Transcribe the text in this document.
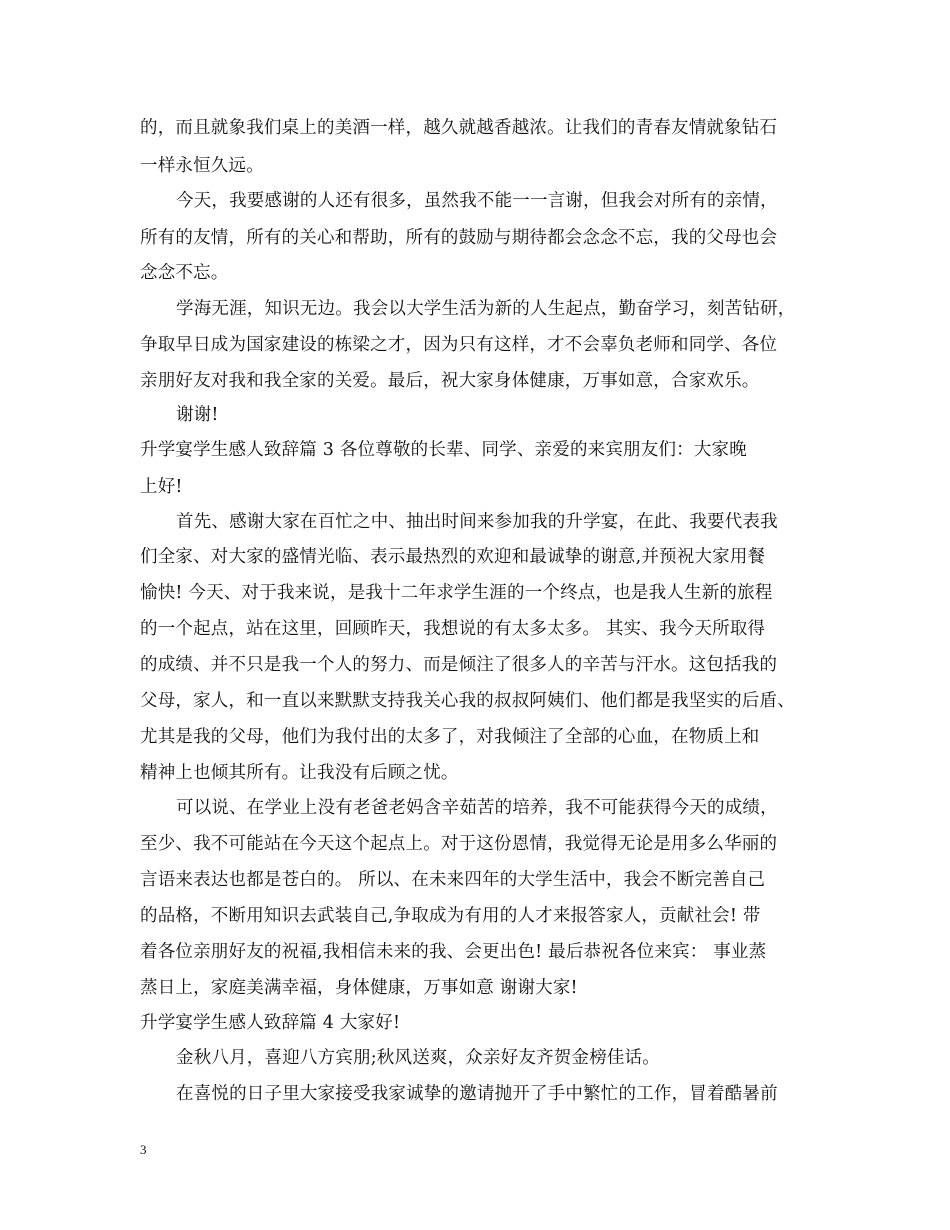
的，而且就象我们桌上的美酒一样，越久就越香越浓。让我们的青春友情就象钻石
一样永恒久远。
今天，我要感谢的人还有很多，虽然我不能一一言谢，但我会对所有的亲情，
所有的友情，所有的关心和帮助，所有的鼓励与期待都会念念不忘，我的父母也会
念念不忘。
学海无涯，知识无边。我会以大学生活为新的人生起点，勤奋学习，刻苦钻研，
争取早日成为国家建设的栋梁之才，因为只有这样，才不会辜负老师和同学、各位
亲朋好友对我和我全家的关爱。最后，祝大家身体健康，万事如意，合家欢乐。
谢谢!
升学宴学生感人致辞篇 3 各位尊敬的长辈、同学、亲爱的来宾朋友们：大家晚
上好!
首先、感谢大家在百忙之中、抽出时间来参加我的升学宴，在此、我要代表我
们全家、对大家的盛情光临、表示最热烈的欢迎和最诚挚的谢意,并预祝大家用餐
愉快! 今天、对于我来说，是我十二年求学生涯的一个终点，也是我人生新的旅程
的一个起点，站在这里，回顾昨天，我想说的有太多太多。 其实、我今天所取得
的成绩、并不只是我一个人的努力、而是倾注了很多人的辛苦与汗水。这包括我的
父母，家人，和一直以来默默支持我关心我的叔叔阿姨们、他们都是我坚实的后盾、
尤其是我的父母，他们为我付出的太多了，对我倾注了全部的心血，在物质上和
精神上也倾其所有。让我没有后顾之忧。
可以说、在学业上没有老爸老妈含辛茹苦的培养，我不可能获得今天的成绩，
至少、我不可能站在今天这个起点上。对于这份恩情，我觉得无论是用多么华丽的
言语来表达也都是苍白的。 所以、在未来四年的大学生活中，我会不断完善自己
的品格，不断用知识去武装自己,争取成为有用的人才来报答家人，贡献社会! 带
着各位亲朋好友的祝福,我相信未来的我、会更出色! 最后恭祝各位来宾： 事业蒸
蒸日上，家庭美满幸福，身体健康，万事如意 谢谢大家!
升学宴学生感人致辞篇 4 大家好!
金秋八月，喜迎八方宾朋;秋风送爽，众亲好友齐贺金榜佳话。
在喜悦的日子里大家接受我家诚挚的邀请抛开了手中繁忙的工作，冒着酷暑前
3
